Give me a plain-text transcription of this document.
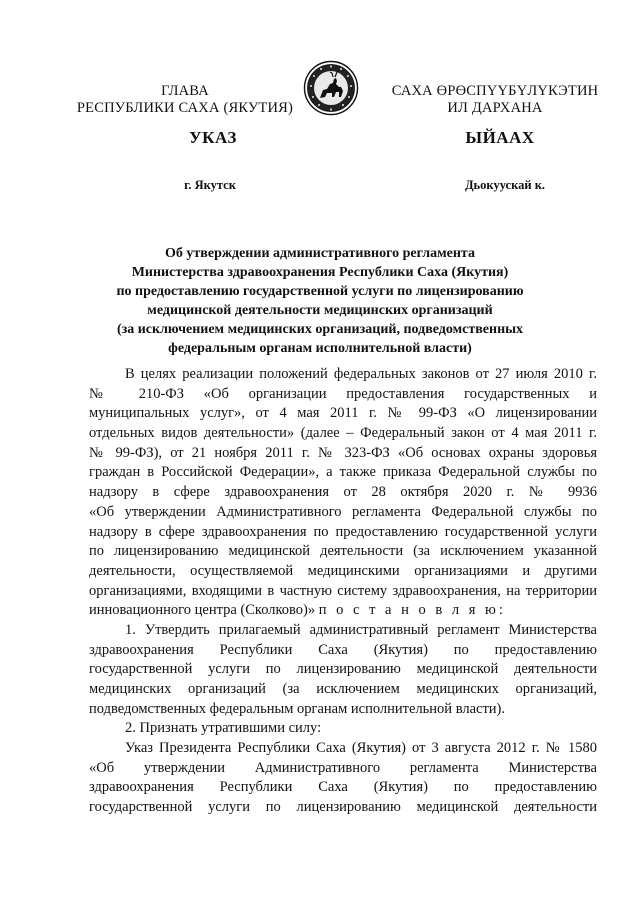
ГЛАВА
РЕСПУБЛИКИ САХА (ЯКУТИЯ)
САХА ӨРӨСПҮҮБҮЛҮКЭТИН
ИЛ ДАРХАНА
УКАЗ	ЫЙААХ
г. Якутск	Дьокуускай к.
Об утверждении административного регламента
Министерства здравоохранения Республики Саха (Якутия)
по предоставлению государственной услуги по лицензированию
медицинской деятельности медицинских организаций
(за исключением медицинских организаций, подведомственных
федеральным органам исполнительной власти)
В целях реализации положений федеральных законов от 27 июля 2010 г.
№ 210-ФЗ «Об организации предоставления государственных и
муниципальных услуг», от 4 мая 2011 г. № 99-ФЗ «О лицензировании
отдельных видов деятельности» (далее – Федеральный закон от 4 мая 2011 г.
№ 99-ФЗ), от 21 ноября 2011 г. № 323-ФЗ «Об основах охраны здоровья
граждан в Российской Федерации», а также приказа Федеральной службы по
надзору в сфере здравоохранения от 28 октября 2020 г. № 9936
«Об утверждении Административного регламента Федеральной службы по
надзору в сфере здравоохранения по предоставлению государственной услуги
по лицензированию медицинской деятельности (за исключением указанной
деятельности, осуществляемой медицинскими организациями и другими
организациями, входящими в частную систему здравоохранения, на территории
инновационного центра (Сколково)» п о с т а н о в л я ю:
1. Утвердить прилагаемый административный регламент Министерства
здравоохранения Республики Саха (Якутия) по предоставлению
государственной услуги по лицензированию медицинской деятельности
медицинских организаций (за исключением медицинских организаций,
подведомственных федеральным органам исполнительной власти).
2. Признать утратившими силу:
Указ Президента Республики Саха (Якутия) от 3 августа 2012 г. № 1580
«Об утверждении Административного регламента Министерства
здравоохранения Республики Саха (Якутия) по предоставлению
государственной услуги по лицензированию медицинской деятельности
